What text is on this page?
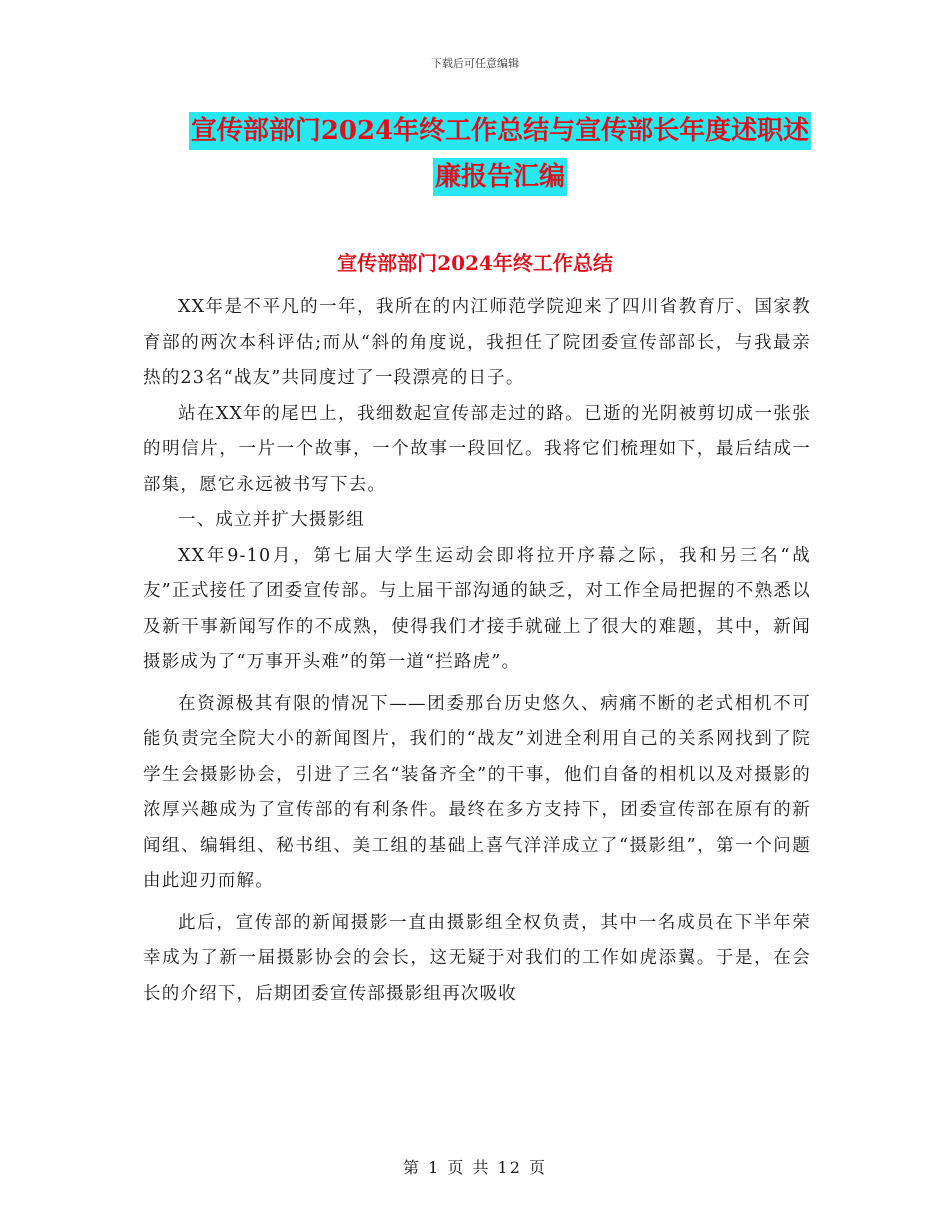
下载后可任意编辑
宣传部部门2024年终工作总结与宣传部长年度述职述
廉报告汇编
宣传部部门2024年终工作总结

XX年是不平凡的一年，我所在的内江师范学院迎来了四川省教育厅、国家教育部的两次本科评估;而从“斜的角度说，我担任了院团委宣传部部长，与我最亲热的23名“战友”共同度过了一段漂亮的日子。

站在XX年的尾巴上，我细数起宣传部走过的路。已逝的光阴被剪切成一张张的明信片，一片一个故事，一个故事一段回忆。我将它们梳理如下，最后结成一部集，愿它永远被书写下去。

一、成立并扩大摄影组

XX年9-10月，第七届大学生运动会即将拉开序幕之际，我和另三名“战友”正式接任了团委宣传部。与上届干部沟通的缺乏，对工作全局把握的不熟悉以及新干事新闻写作的不成熟，使得我们才接手就碰上了很大的难题，其中，新闻摄影成为了“万事开头难”的第一道“拦路虎”。

在资源极其有限的情况下——团委那台历史悠久、病痛不断的老式相机不可能负责完全院大小的新闻图片，我们的“战友”刘进全利用自己的关系网找到了院学生会摄影协会，引进了三名“装备齐全”的干事，他们自备的相机以及对摄影的浓厚兴趣成为了宣传部的有利条件。最终在多方支持下，团委宣传部在原有的新闻组、编辑组、秘书组、美工组的基础上喜气洋洋成立了“摄影组”，第一个问题由此迎刃而解。

此后，宣传部的新闻摄影一直由摄影组全权负责，其中一名成员在下半年荣幸成为了新一届摄影协会的会长，这无疑于对我们的工作如虎添翼。于是，在会长的介绍下，后期团委宣传部摄影组再次吸收

第 1 页 共 12 页
